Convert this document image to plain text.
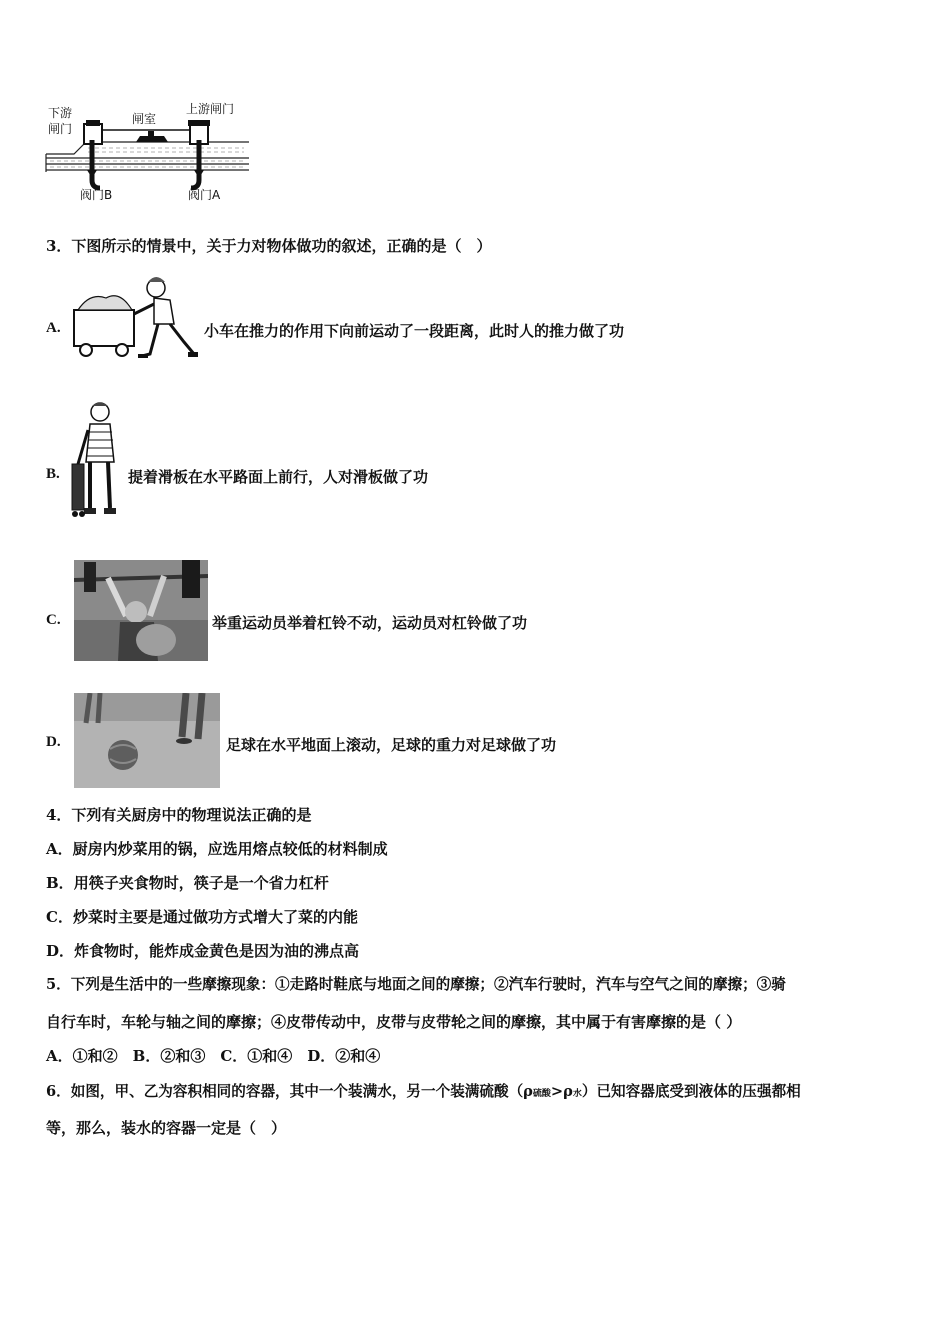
下游
闸门
闸室
上游闸门
阀门B	阀门A
3．下图所示的情景中，关于力对物体做功的叙述，正确的是（　）
A.	小车在推力的作用下向前运动了一段距离，此时人的推力做了功
B.	提着滑板在水平路面上前行，人对滑板做了功
C.	举重运动员举着杠铃不动，运动员对杠铃做了功
D.	足球在水平地面上滚动，足球的重力对足球做了功
4．下列有关厨房中的物理说法正确的是
A．厨房内炒菜用的锅，应选用熔点较低的材料制成
B．用筷子夹食物时，筷子是一个省力杠杆
C．炒菜时主要是通过做功方式增大了菜的内能
D．炸食物时，能炸成金黄色是因为油的沸点高
5．下列是生活中的一些摩擦现象：①走路时鞋底与地面之间的摩擦；②汽车行驶时，汽车与空气之间的摩擦；③骑
自行车时，车轮与轴之间的摩擦；④皮带传动中，皮带与皮带轮之间的摩擦，其中属于有害摩擦的是（ ）
A．①和②　B．②和③　C．①和④　D．②和④
6．如图，甲、乙为容积相同的容器，其中一个装满水，另一个装满硫酸（ρ硫酸>ρ水）已知容器底受到液体的压强都相
等，那么，装水的容器一定是（　）
